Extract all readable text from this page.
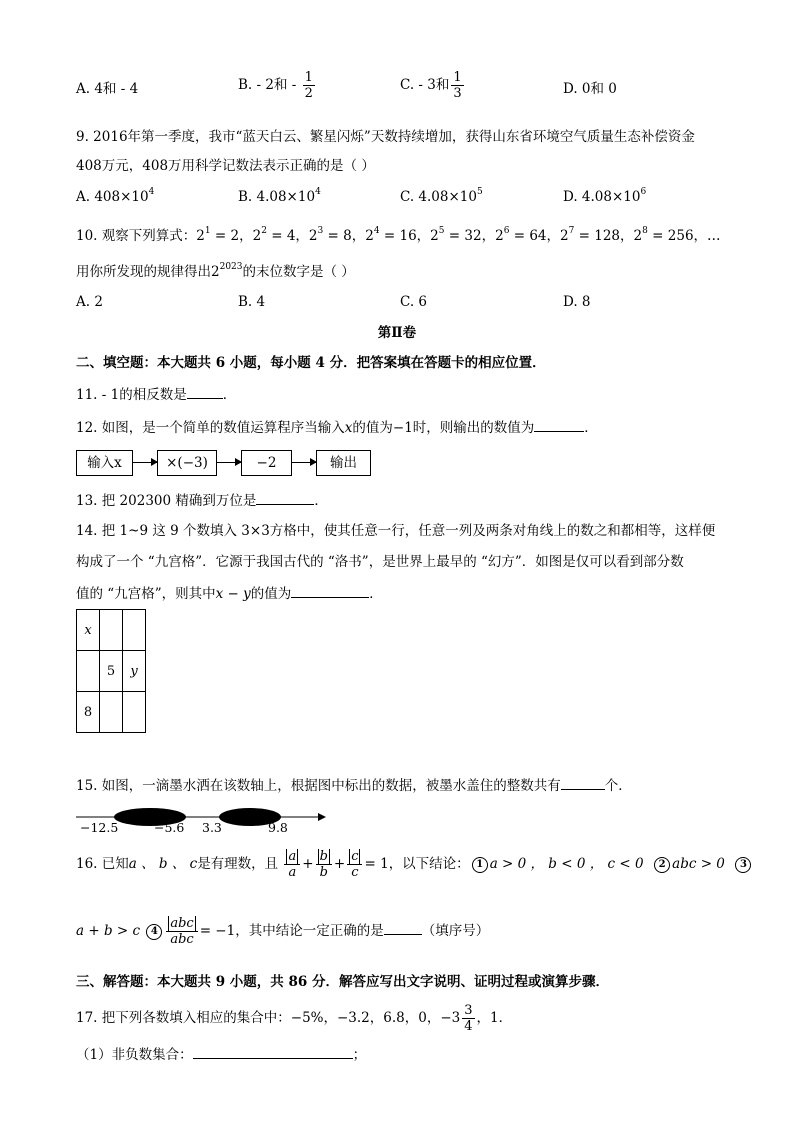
A. 4和 - 4	B. - 2和 - $\frac{1}{2}$	C. - 3和 $\frac{1}{3}$	D. 0和 0
9. 2016年第一季度，我市“蓝天白云、繁星闪烁”天数持续增加，获得山东省环境空气质量生态补偿资金
408万元，408万用科学记数法表示正确的是（ ）
A. $408\times 10^4$	B. $4.08\times 10^4$	C. $4.08\times 10^5$	D. $4.08\times 10^6$
10. 观察下列算式：$2^1 = 2$，$2^2 = 4$，$2^3 = 8$，$2^4 = 16$，$2^5 = 32$，$2^6 = 64$，$2^7 = 128$，$2^8 = 256$，…
用你所发现的规律得出$2^{2023}$的末位数字是（ ）
A. 2	B. 4	C. 6	D. 8
第Ⅱ卷
二、填空题：本大题共 6 小题，每小题 4 分．把答案填在答题卡的相应位置．
11. - 1的相反数是	．
12. 如图，是一个简单的数值运算程序当输入x的值为−1时，则输出的数值为	．
输入x	×(−3)	−2	输出
13. 把 202300 精确到万位是	．
14. 把 1~9 这 9 个数填入 3×3方格中，使其任意一行，任意一列及两条对角线上的数之和都相等，这样便
构成了一个 “九宫格”．它源于我国古代的 “洛书”，是世界上最早的 “幻方”．如图是仅可以看到部分数
值的 “九宫格”，则其中x − y的值为	．
x		
	5	y
8		
15. 如图，一滴墨水洒在该数轴上，根据图中标出的数据，被墨水盖住的整数共有	个．
−12.5	−5.6 3.3	9.8
16. 已知a 、 b 、 c是有理数，且 $\frac{a}{a} + \frac{b}{b} + \frac{c}{c} = 1$，以下结论： 1 a > 0 ， b < 0 ， c < 0 2 abc > 0 3
a + b > c $4 \frac{\text{abc}}{\text{abc}} = -1$，其中结论一定正确的是	（填序号）
三、解答题：本大题共 9 小题，共 86 分．解答应写出文字说明、证明过程或演算步骤．
17. 把下列各数填入相应的集合中：−5%，−3.2，6.8，0，$-3 \frac{3}{4}$ ，1．
（1）非负数集合：	；
